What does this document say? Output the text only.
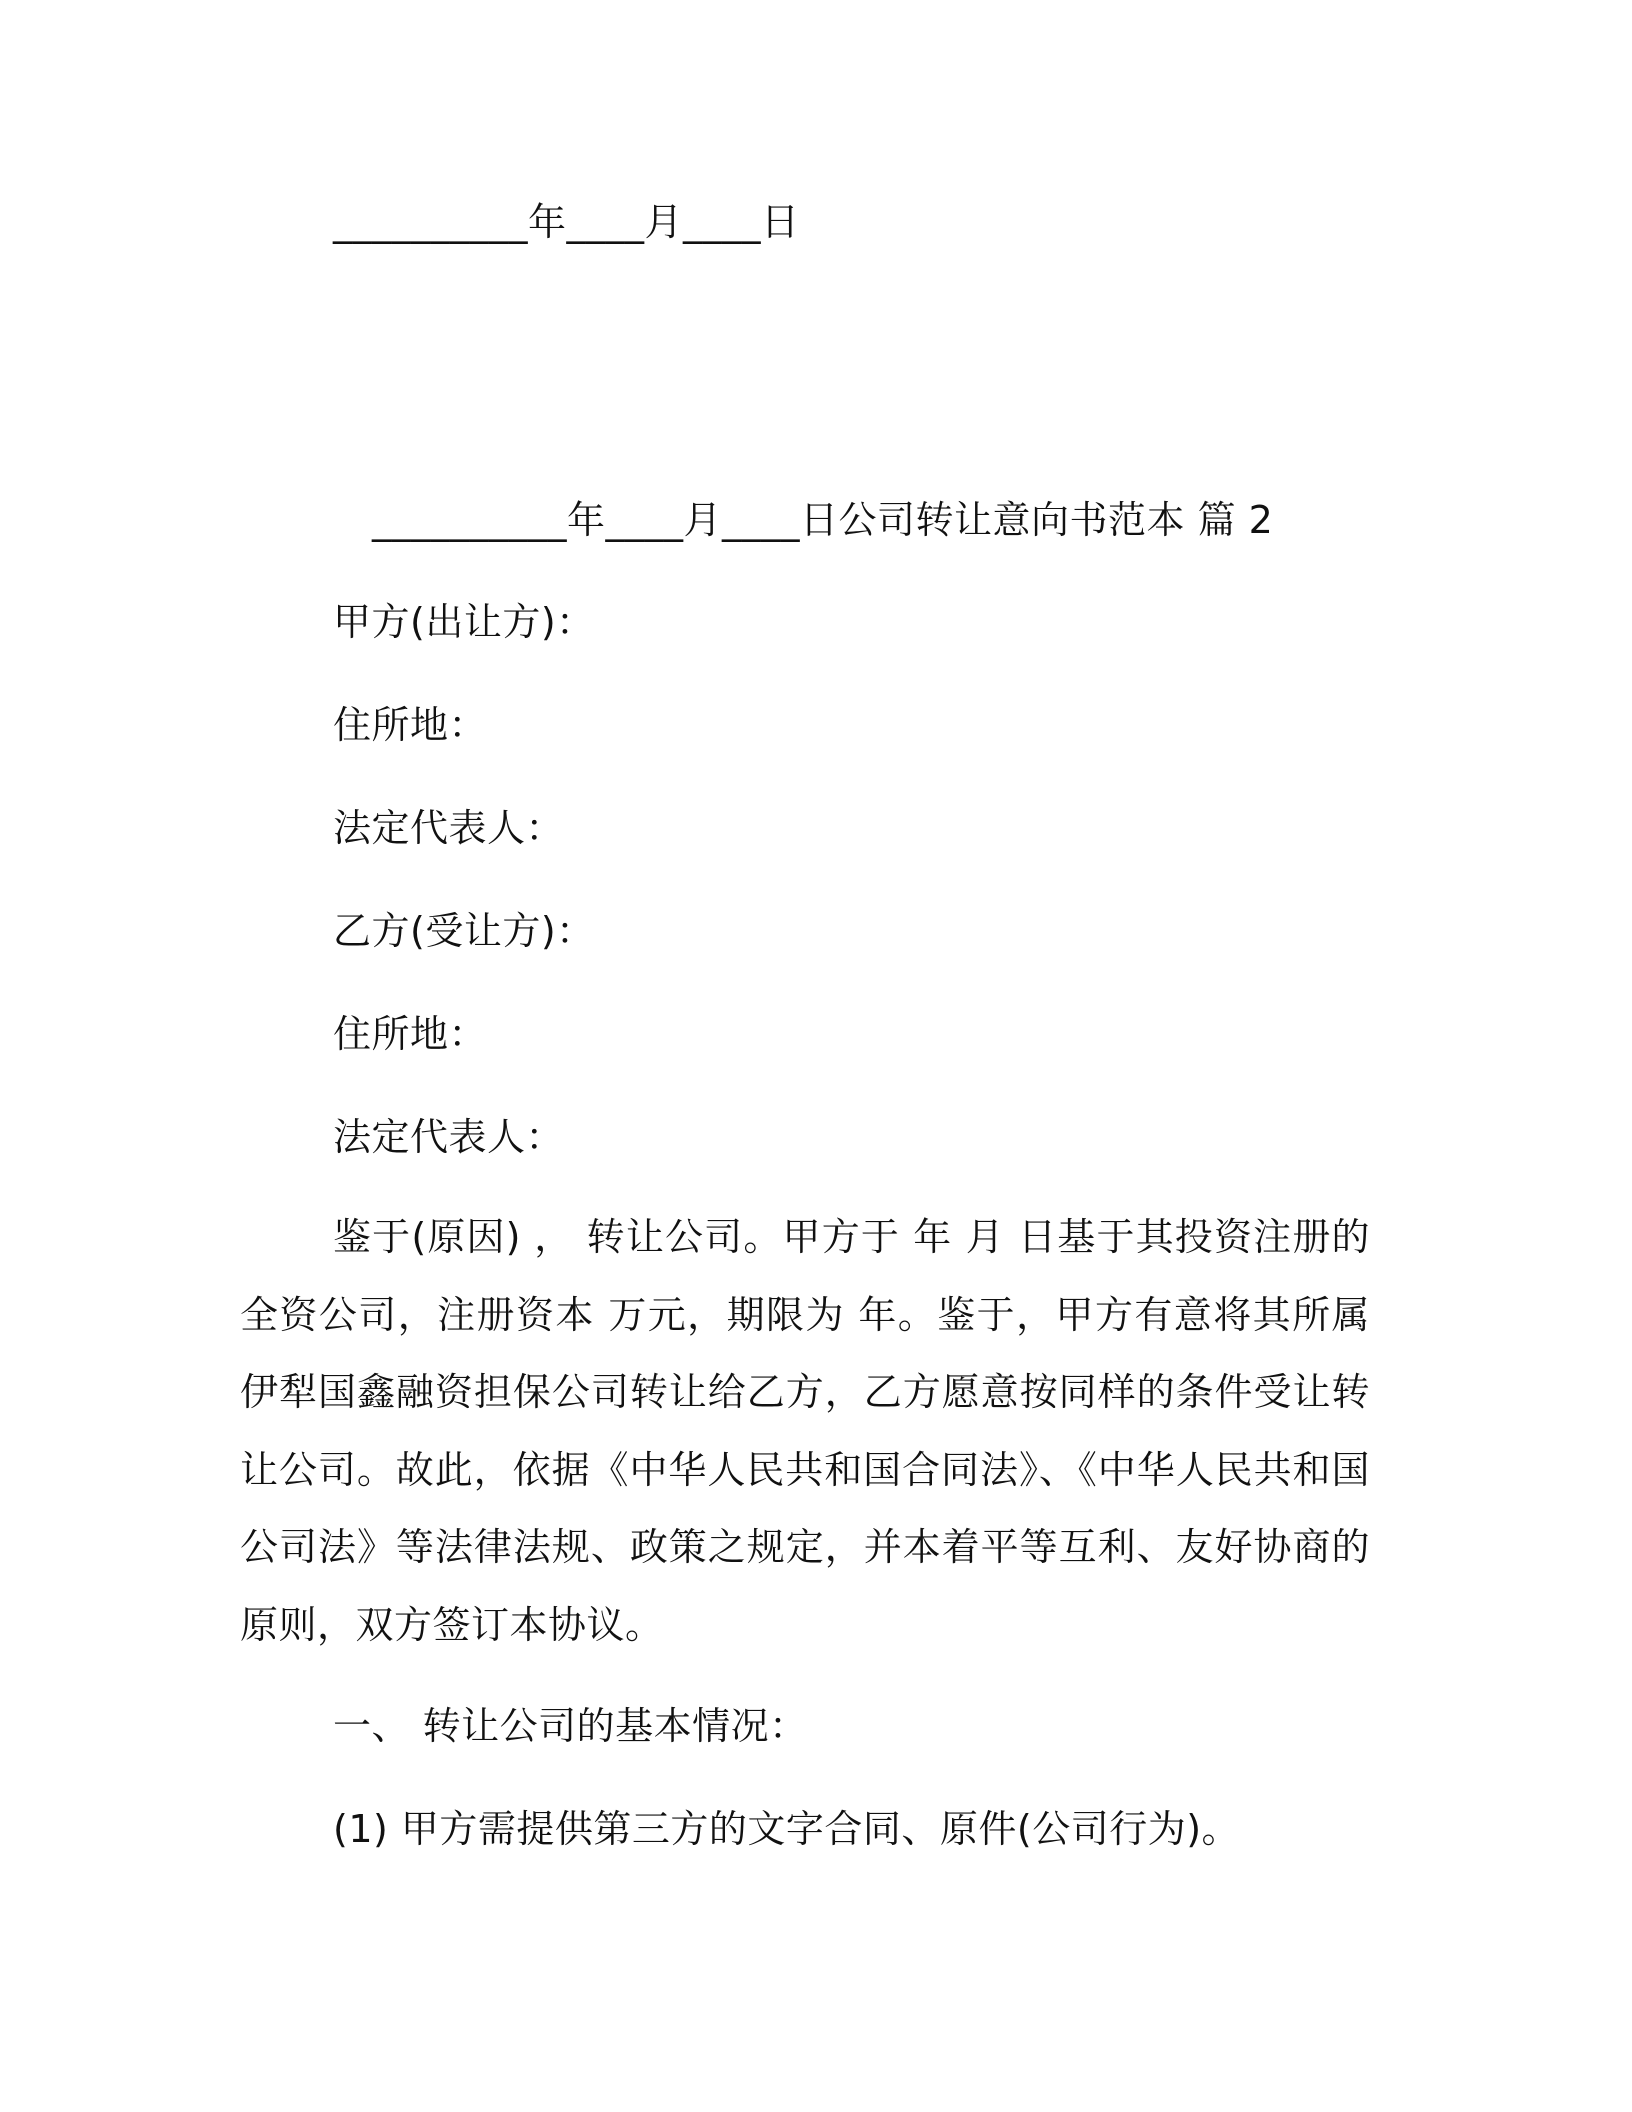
__________年____月____日
__________年____月____日公司转让意向书范本 篇 2
甲方(出让方)：
住所地：
法定代表人：
乙方(受让方)：
住所地：
法定代表人：
鉴于(原因) ， 转让公司。甲方于 年 月 日基于其投资注册的全资公司，注册资本 万元，期限为 年。鉴于，甲方有意将其所属伊犁国鑫融资担保公司转让给乙方，乙方愿意按同样的条件受让转让公司。故此，依据《中华人民共和国合同法》、《中华人民共和国公司法》等法律法规、政策之规定，并本着平等互利、友好协商的原则，双方签订本协议。
一、 转让公司的基本情况：
(1) 甲方需提供第三方的文字合同、原件(公司行为)。
